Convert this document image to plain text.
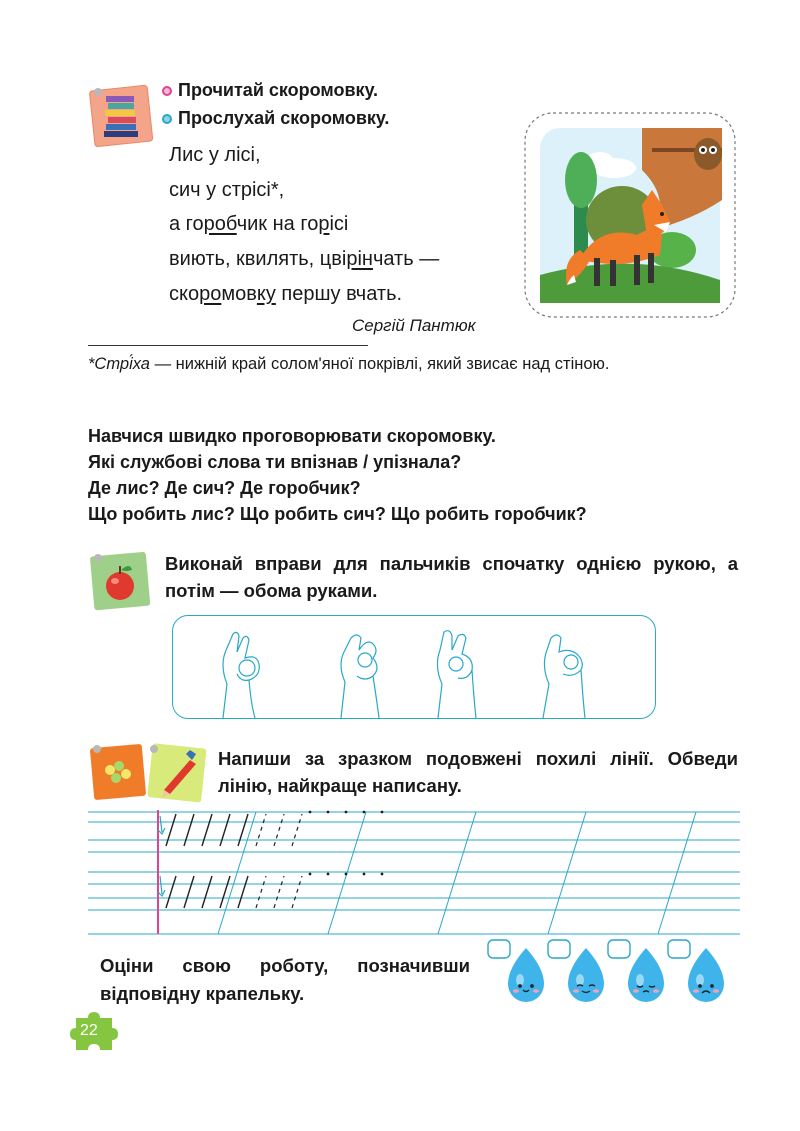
Прочитай скоромовку.
Прослухай скоромовку.
Лис у лісі,
сич у стрісі*,
а горобчик на горісі
виють, квилять, цвірінчать —
скоромовку першу вчать.
Сергій Пантюк
*Стрі́ха — нижній край солом'яної покрівлі, який звисає над стіною.
Навчися швидко проговорювати скоромовку.
Які службові слова ти впізнав / упізнала?
Де лис? Де сич? Де горобчик?
Що робить лис? Що робить сич? Що робить горобчик?
Виконай вправи для пальчиків спочатку однією рукою, а потім — обома руками.
Напиши за зразком подовжені похилі лінії. Обведи лінію, найкраще написану.
Оціни свою роботу, позначивши відповідну крапельку.
22
